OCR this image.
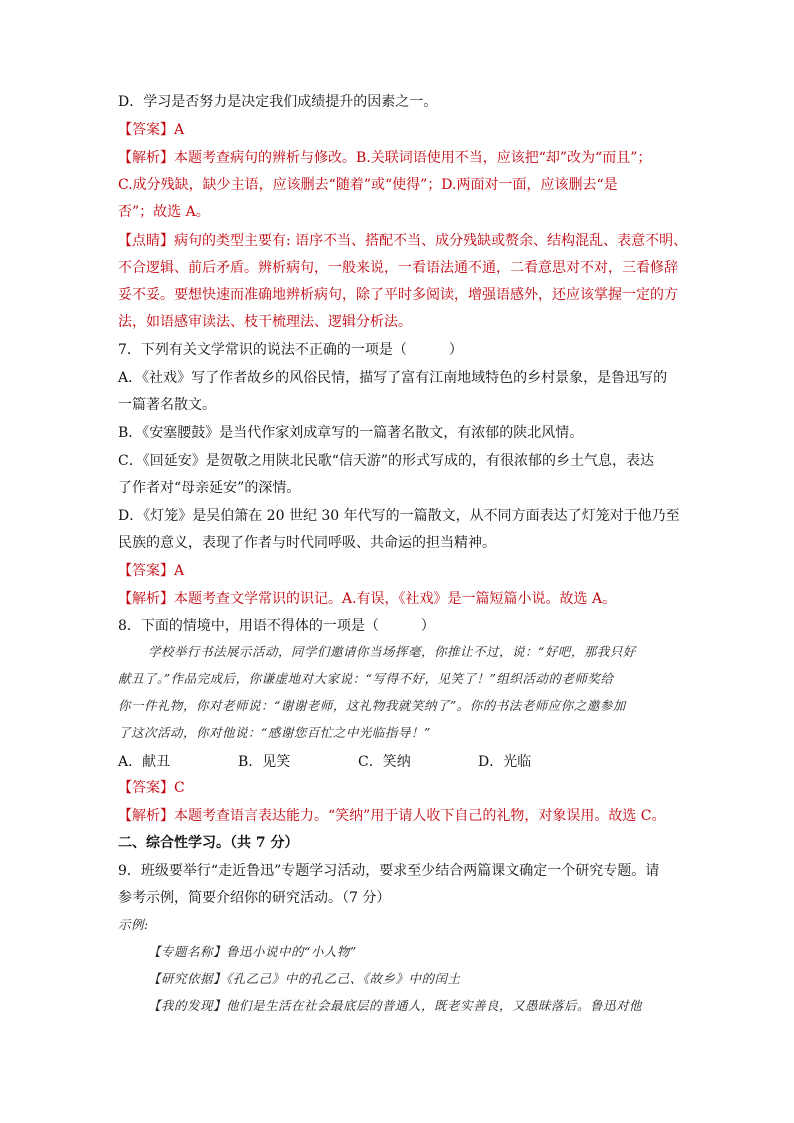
D．学习是否努力是决定我们成绩提升的因素之一。
【答案】A
【解析】本题考查病句的辨析与修改。B.关联词语使用不当，应该把“却”改为“而且”；
C.成分残缺，缺少主语，应该删去“随着”或“使得”；D.两面对一面，应该删去“是
否”；故选 A。
【点睛】病句的类型主要有: 语序不当、搭配不当、成分残缺或赘余、结构混乱、表意不明、
不合逻辑、前后矛盾。辨析病句，一般来说，一看语法通不通，二看意思对不对，三看修辞
妥不妥。要想快速而准确地辨析病句，除了平时多阅读，增强语感外，还应该掌握一定的方
法，如语感审读法、枝干梳理法、逻辑分析法。
7．下列有关文学常识的说法不正确的一项是（　　　）
A．《社戏》写了作者故乡的风俗民情，描写了富有江南地域特色的乡村景象，是鲁迅写的
一篇著名散文。
B．《安塞腰鼓》是当代作家刘成章写的一篇著名散文，有浓郁的陕北风情。
C．《回延安》是贺敬之用陕北民歌“信天游”的形式写成的，有很浓郁的乡土气息，表达
了作者对“母亲延安”的深情。
D．《灯笼》是吴伯箫在 20 世纪 30 年代写的一篇散文，从不同方面表达了灯笼对于他乃至
民族的意义，表现了作者与时代同呼吸、共命运的担当精神。
【答案】A
【解析】本题考查文学常识的识记。A.有误，《社戏》是一篇短篇小说。故选 A。
8．下面的情境中，用语不得体的一项是（　　　）
学校举行书法展示活动，同学们邀请你当场挥毫，你推让不过，说：“好吧，那我只好
献丑了。”作品完成后，你谦虚地对大家说：“写得不好，见笑了！”组织活动的老师奖给
你一件礼物，你对老师说：“谢谢老师，这礼物我就笑纳了”。你的书法老师应你之邀参加
了这次活动，你对他说：“感谢您百忙之中光临指导！”
A．献丑	B．见笑	C．笑纳	D．光临
【答案】C
【解析】本题考查语言表达能力。“笑纳”用于请人收下自己的礼物，对象误用。故选 C。
二、综合性学习。（共 7 分）
9．班级要举行“走近鲁迅”专题学习活动，要求至少结合两篇课文确定一个研究专题。请
参考示例，简要介绍你的研究活动。（7 分）
示例:
【专题名称】鲁迅小说中的“小人物”
【研究依据】《孔乙己》中的孔乙己、《故乡》中的闰土
【我的发现】他们是生活在社会最底层的普通人，既老实善良，又愚昧落后。鲁迅对他
